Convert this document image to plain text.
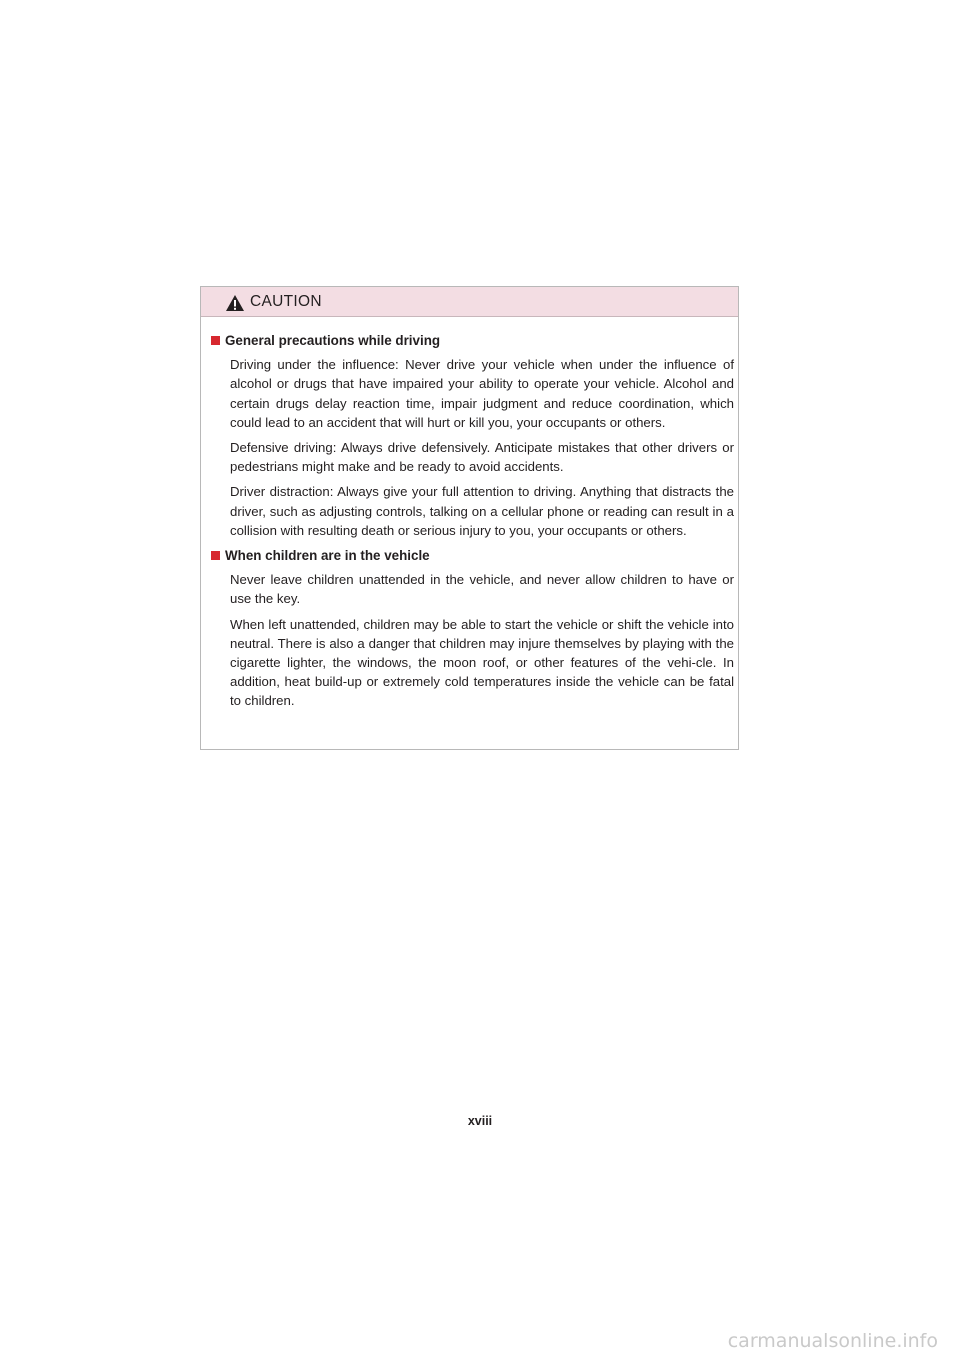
CAUTION
General precautions while driving

Driving under the influence: Never drive your vehicle when under the influence of alcohol or drugs that have impaired your ability to operate your vehicle. Alcohol and certain drugs delay reaction time, impair judgment and reduce coordination, which could lead to an accident that will hurt or kill you, your occupants or others.

Defensive driving: Always drive defensively. Anticipate mistakes that other drivers or pedestrians might make and be ready to avoid accidents.

Driver distraction: Always give your full attention to driving. Anything that distracts the driver, such as adjusting controls, talking on a cellular phone or reading can result in a collision with resulting death or serious injury to you, your occupants or others.

When children are in the vehicle

Never leave children unattended in the vehicle, and never allow children to have or use the key.

When left unattended, children may be able to start the vehicle or shift the vehicle into neutral. There is also a danger that children may injure themselves by playing with the cigarette lighter, the windows, the moon roof, or other features of the vehi-cle. In addition, heat build-up or extremely cold temperatures inside the vehicle can be fatal to children.

xviii
carmanualsonline.info
